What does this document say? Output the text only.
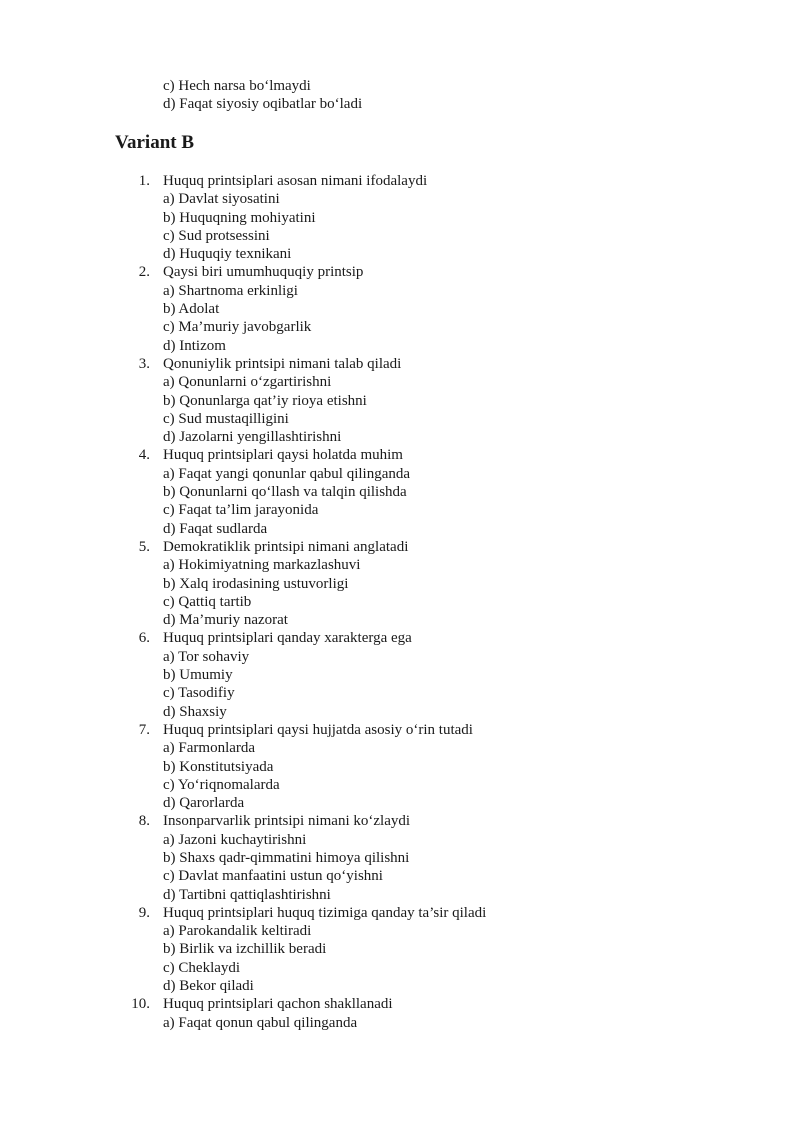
c) Hech narsa bo‘lmaydi
d) Faqat siyosiy oqibatlar bo‘ladi
Variant B
1. Huquq printsiplari asosan nimani ifodalaydi
a) Davlat siyosatini
b) Huquqning mohiyatini
c) Sud protsessini
d) Huquqiy texnikani
2. Qaysi biri umumhuquqiy printsip
a) Shartnoma erkinligi
b) Adolat
c) Ma’muriy javobgarlik
d) Intizom
3. Qonuniylik printsipi nimani talab qiladi
a) Qonunlarni o‘zgartirishni
b) Qonunlarga qat’iy rioya etishni
c) Sud mustaqilligini
d) Jazolarni yengillashtirishni
4. Huquq printsiplari qaysi holatda muhim
a) Faqat yangi qonunlar qabul qilinganda
b) Qonunlarni qo‘llash va talqin qilishda
c) Faqat ta’lim jarayonida
d) Faqat sudlarda
5. Demokratiklik printsipi nimani anglatadi
a) Hokimiyatning markazlashuvi
b) Xalq irodasining ustuvorligi
c) Qattiq tartib
d) Ma’muriy nazorat
6. Huquq printsiplari qanday xarakterga ega
a) Tor sohaviy
b) Umumiy
c) Tasodifiy
d) Shaxsiy
7. Huquq printsiplari qaysi hujjatda asosiy o‘rin tutadi
a) Farmonlarda
b) Konstitutsiyada
c) Yo‘riqnomalarda
d) Qarorlarda
8. Insonparvarlik printsipi nimani ko‘zlaydi
a) Jazoni kuchaytirishni
b) Shaxs qadr-qimmatini himoya qilishni
c) Davlat manfaatini ustun qo‘yishni
d) Tartibni qattiqlashtirishni
9. Huquq printsiplari huquq tizimiga qanday ta’sir qiladi
a) Parokandalik keltiradi
b) Birlik va izchillik beradi
c) Cheklaydi
d) Bekor qiladi
10. Huquq printsiplari qachon shakllanadi
a) Faqat qonun qabul qilinganda
